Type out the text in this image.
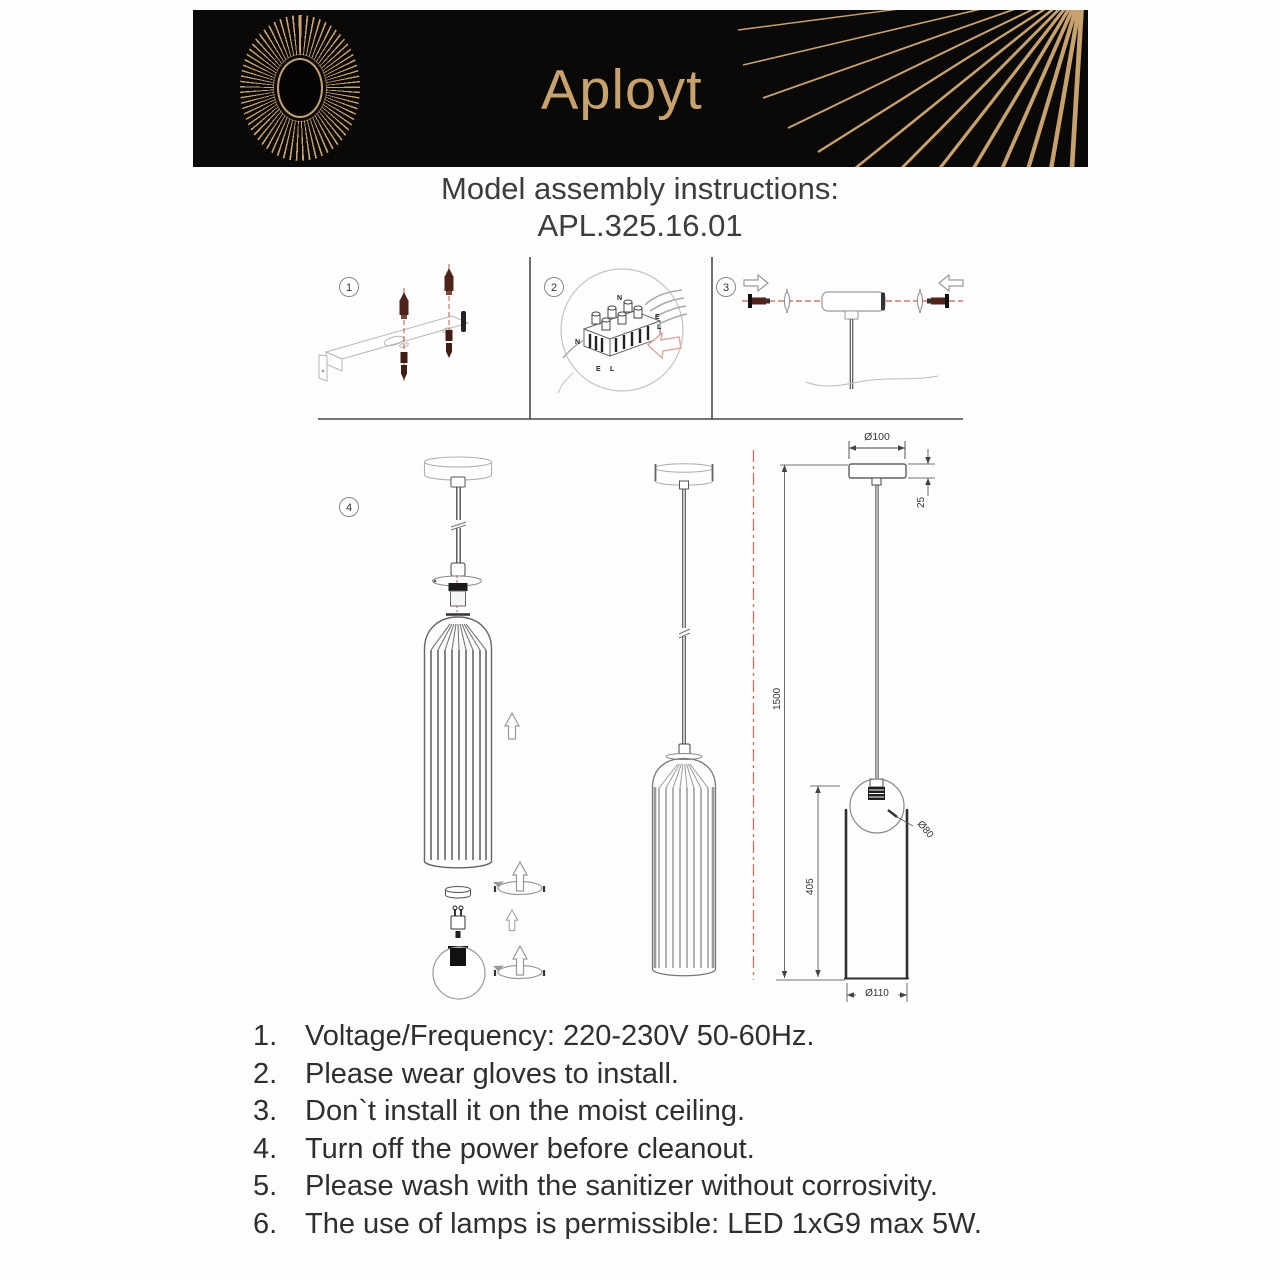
Aployt
Model assembly instructions:
APL.325.16.01
1	2	3
4
N
E
L
N
E L
Ø100
25
1500
405
Ø80
Ø110
1. Voltage/Frequency: 220-230V 50-60Hz.
2. Please wear gloves to install.
3. Don`t install it on the moist ceiling.
4. Turn off the power before cleanout.
5. Please wash with the sanitizer without corrosivity.
6. The use of lamps is permissible: LED 1xG9 max 5W.
